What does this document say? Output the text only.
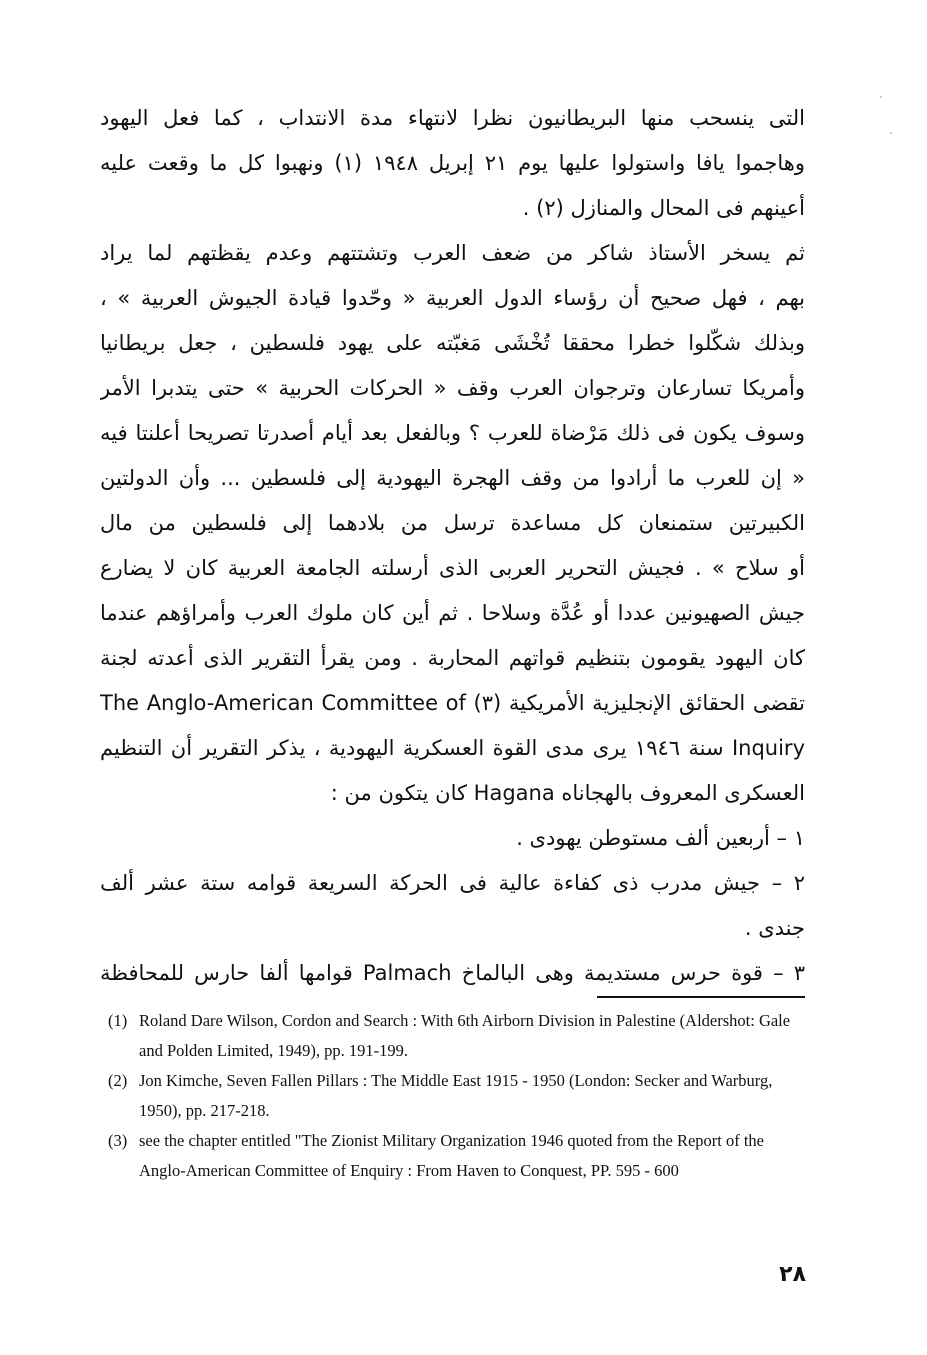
التى ينسحب منها البريطانيون نظرا لانتهاء مدة الانتداب ، كما فعل اليهود
وهاجموا يافا واستولوا عليها يوم ٢١ إبريل ١٩٤٨ (١) ونهبوا كل ما وقعت عليه
أعينهم فى المحال والمنازل (٢) .
ثم يسخر الأستاذ شاكر من ضعف العرب وتشتتهم وعدم يقظتهم لما يراد
بهم ، فهل صحيح أن رؤساء الدول العربية « وحّدوا قيادة الجيوش العربية » ،
وبذلك شكّلوا خطرا محققا تُخْشَى مَغبّته على يهود فلسطين ، جعل بريطانيا
وأمريكا تسارعان وترجوان العرب وقف « الحركات الحربية » حتى يتدبرا الأمر
وسوف يكون فى ذلك مَرْضاة للعرب ؟ وبالفعل بعد أيام أصدرتا تصريحا أعلنتا فيه
« إن للعرب ما أرادوا من وقف الهجرة اليهودية إلى فلسطين ... وأن الدولتين
الكبيرتين ستمنعان كل مساعدة ترسل من بلادهما إلى فلسطين من مال
أو سلاح » . فجيش التحرير العربى الذى أرسلته الجامعة العربية كان لا يضارع
جيش الصهيونين عددا أو عُدَّة وسلاحا . ثم أين كان ملوك العرب وأمراؤهم عندما
كان اليهود يقومون بتنظيم قواتهم المحاربة . ومن يقرأ التقرير الذى أعدته لجنة
تقضى الحقائق الإنجليزية الأمريكية (٣) The Anglo-American Committee of
Inquiry سنة ١٩٤٦ يرى مدى القوة العسكرية اليهودية ، يذكر التقرير أن التنظيم
العسكرى المعروف بالهجاناه Hagana كان يتكون من :
١ – أربعين ألف مستوطن يهودى .
٢ – جيش مدرب ذى كفاءة عالية فى الحركة السريعة قوامه ستة عشر ألف
جندى .
٣ – قوة حرس مستديمة وهى البالماخ Palmach قوامها ألفا حارس للمحافظة
(1) Roland Dare Wilson, Cordon and Search : With 6th Airborn Division in Palestine (Aldershot: Gale and Polden Limited, 1949), pp. 191-199.
(2) Jon Kimche, Seven Fallen Pillars : The Middle East 1915 - 1950 (London: Secker and Warburg, 1950), pp. 217-218.
(3) see the chapter entitled "The Zionist Military Organization 1946 quoted from the Report of the Anglo-American Committee of Enquiry : From Haven to Conquest, PP. 595 - 600
٢٨
